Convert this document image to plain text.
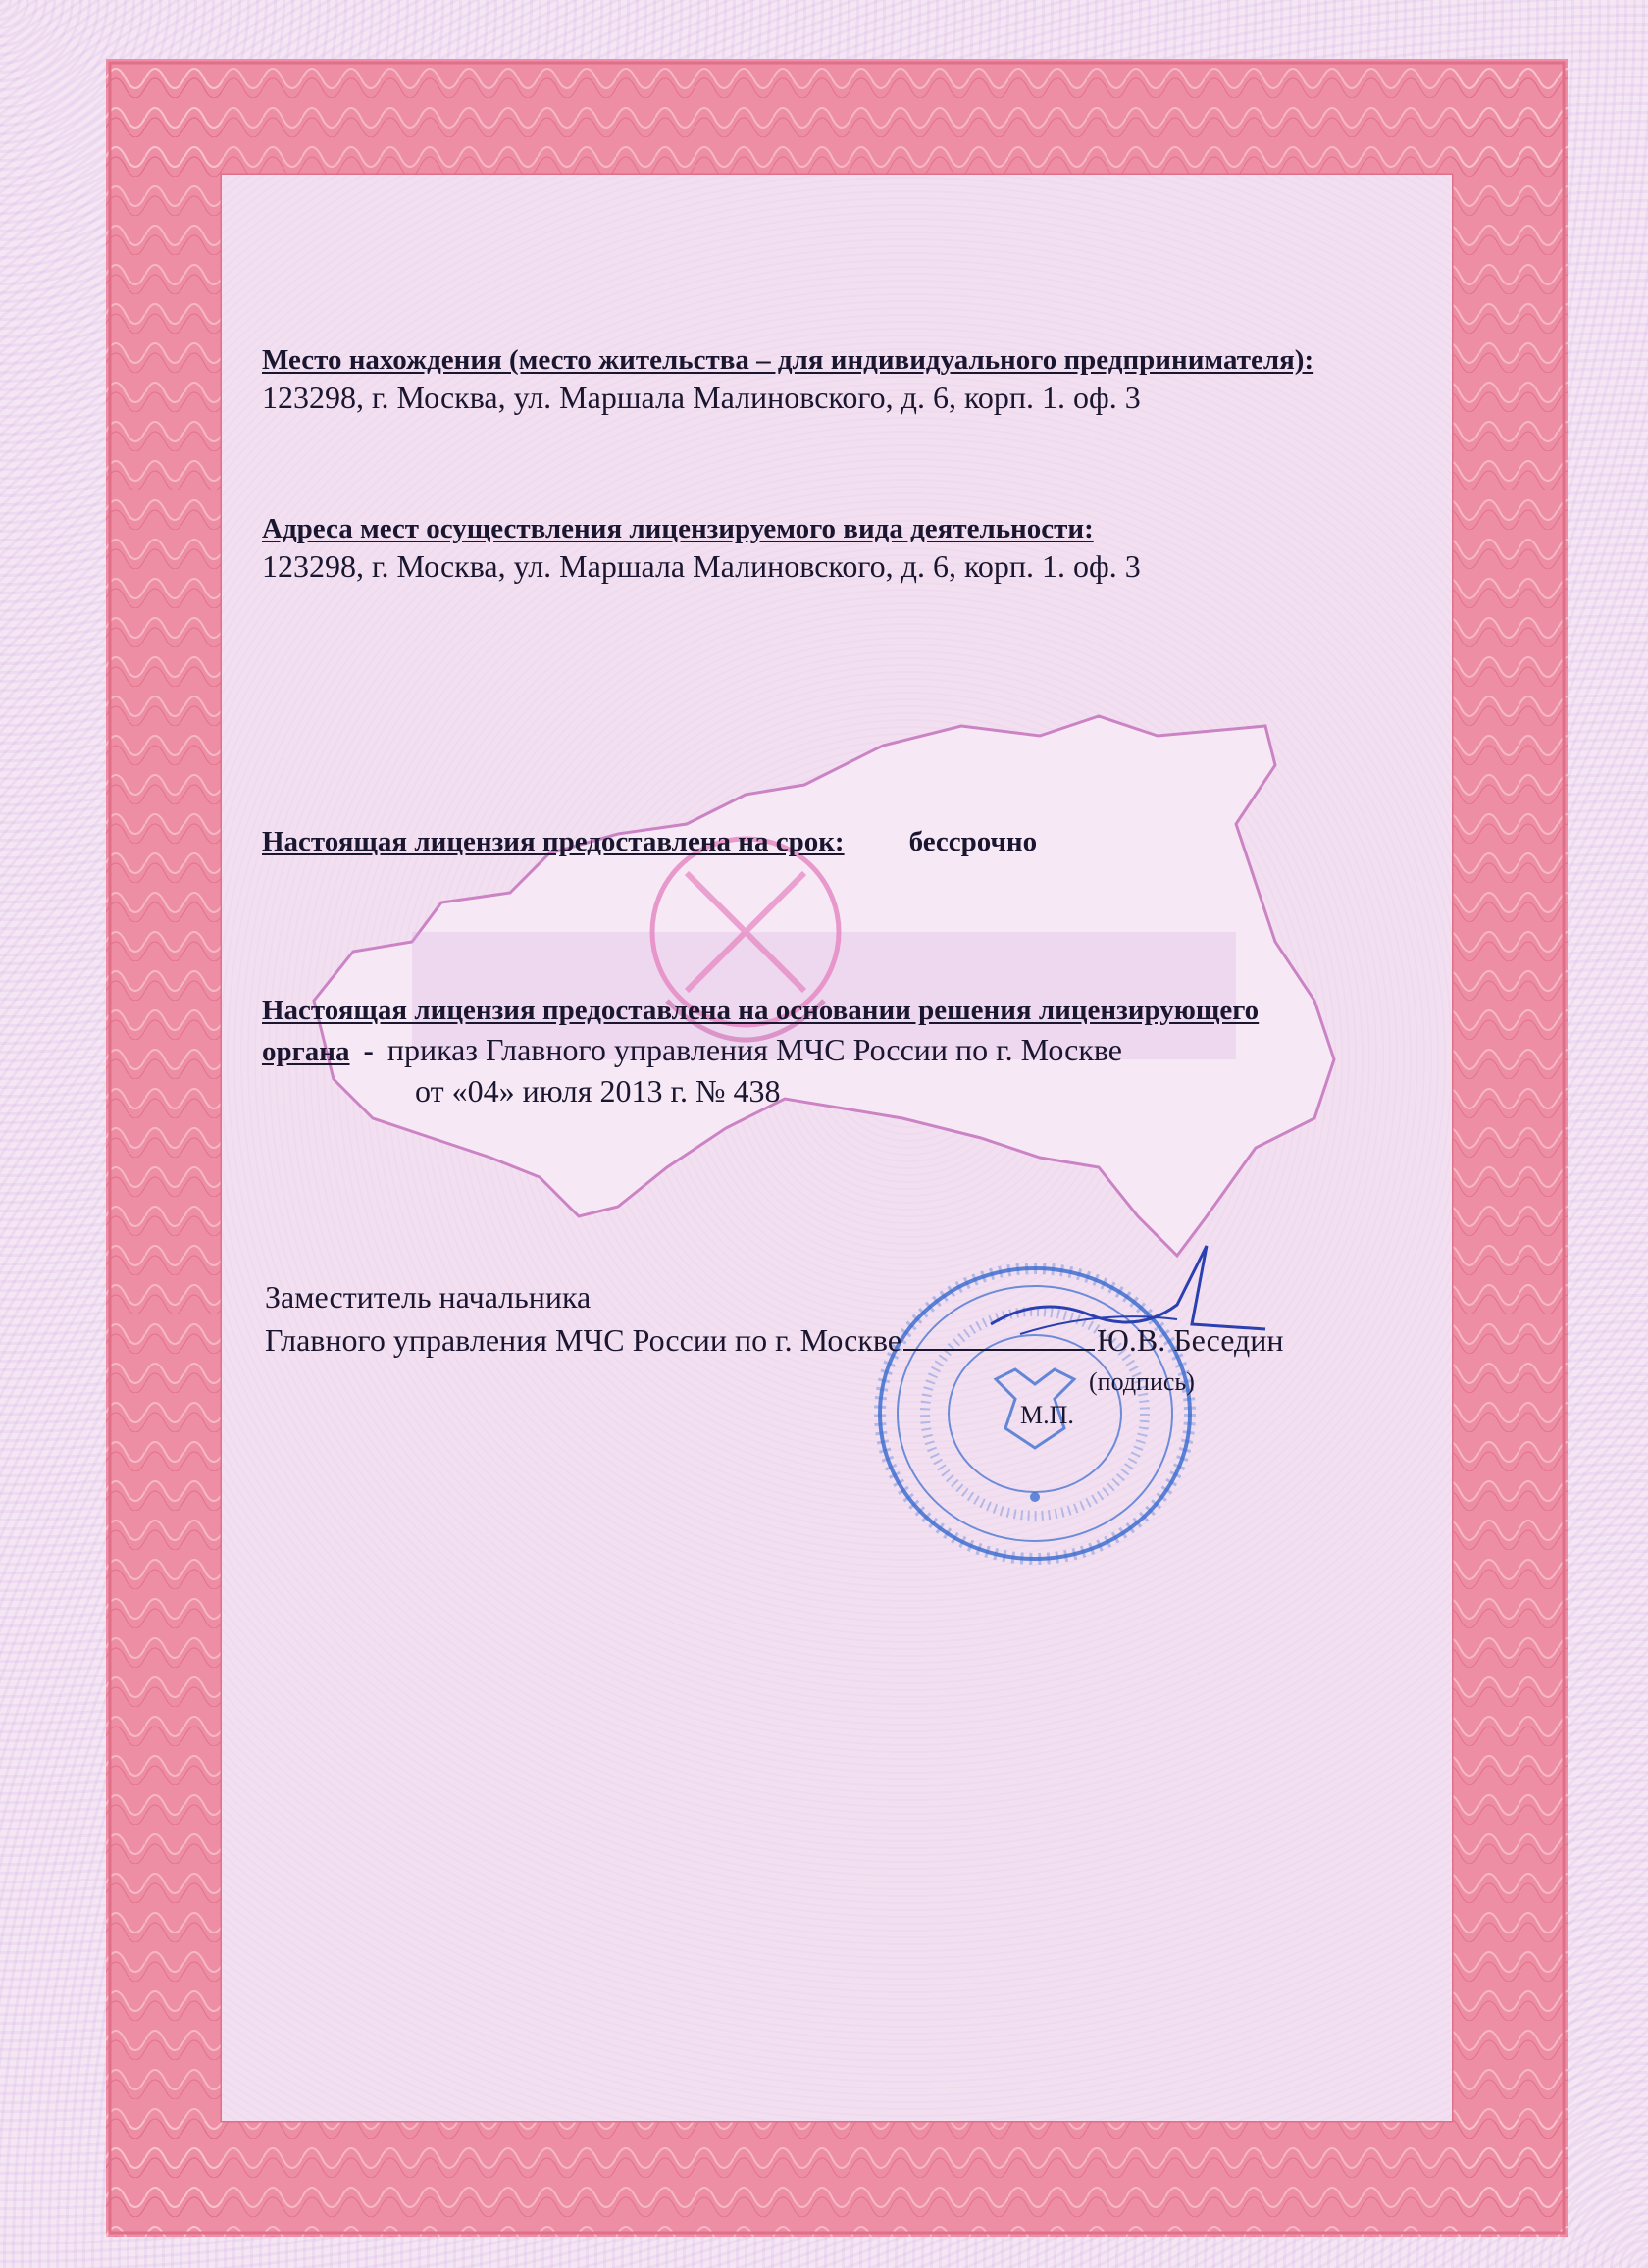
Место нахождения (место жительства – для индивидуального предпринимателя):
123298, г. Москва, ул. Маршала Малиновского, д. 6, корп. 1. оф. 3
Адреса мест осуществления лицензируемого вида деятельности:
123298, г. Москва, ул. Маршала Малиновского, д. 6, корп. 1. оф. 3
Настоящая лицензия предоставлена на срок: бессрочно
Настоящая лицензия предоставлена на основании решения лицензирующего
органа - приказ Главного управления МЧС России по г. Москве
от «04» июля 2013 г. № 438
Заместитель начальника
Главного управления МЧС России по г. Москве	Ю.В. Беседин
(подпись)
М.П.
